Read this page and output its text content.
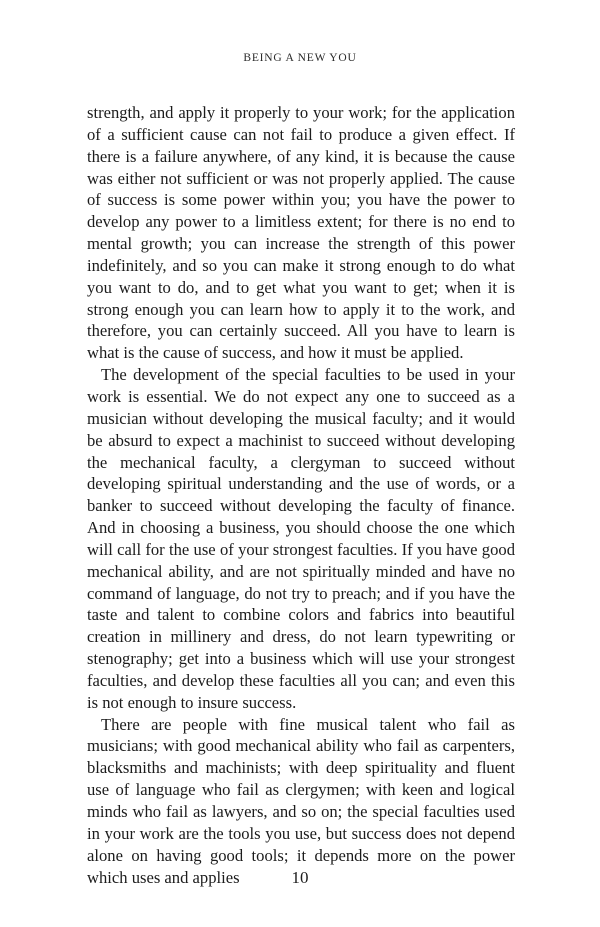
BEING A NEW YOU

strength, and apply it properly to your work; for the application of a sufficient cause can not fail to produce a given effect. If there is a failure anywhere, of any kind, it is because the cause was either not sufficient or was not properly applied. The cause of success is some power within you; you have the power to develop any power to a limitless extent; for there is no end to mental growth; you can increase the strength of this power indefinitely, and so you can make it strong enough to do what you want to do, and to get what you want to get; when it is strong enough you can learn how to apply it to the work, and therefore, you can certainly succeed. All you have to learn is what is the cause of success, and how it must be applied.

The development of the special faculties to be used in your work is essential. We do not expect any one to succeed as a musician without developing the musical faculty; and it would be absurd to expect a machinist to succeed without developing the mechanical faculty, a clergyman to succeed without developing spiritual understanding and the use of words, or a banker to succeed without developing the faculty of finance. And in choosing a business, you should choose the one which will call for the use of your strongest faculties. If you have good mechanical ability, and are not spiritually minded and have no command of language, do not try to preach; and if you have the taste and talent to combine colors and fabrics into beautiful creation in millinery and dress, do not learn typewriting or stenography; get into a business which will use your strongest faculties, and develop these faculties all you can; and even this is not enough to insure success.

There are people with fine musical talent who fail as musicians; with good mechanical ability who fail as carpenters, blacksmiths and machinists; with deep spirituality and fluent use of language who fail as clergymen; with keen and logical minds who fail as lawyers, and so on; the special faculties used in your work are the tools you use, but success does not depend alone on having good tools; it depends more on the power which uses and applies	10
